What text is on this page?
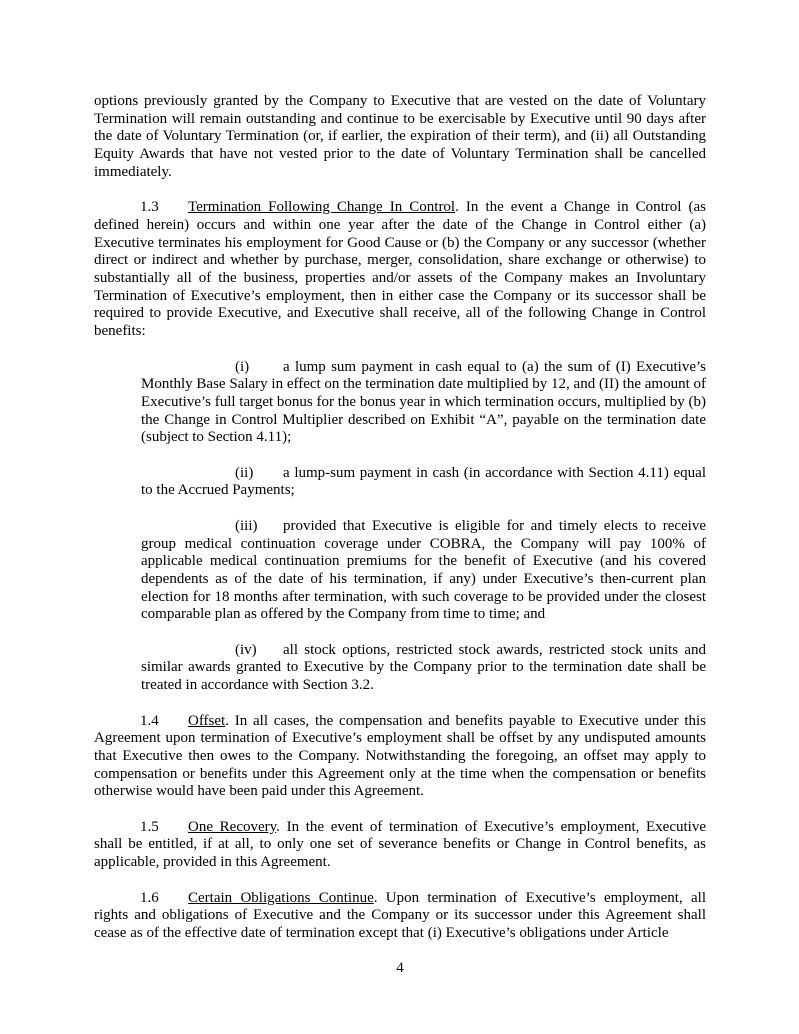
options previously granted by the Company to Executive that are vested on the date of Voluntary Termination will remain outstanding and continue to be exercisable by Executive until 90 days after the date of Voluntary Termination (or, if earlier, the expiration of their term), and (ii) all Outstanding Equity Awards that have not vested prior to the date of Voluntary Termination shall be cancelled immediately.

1.3 Termination Following Change In Control. In the event a Change in Control (as defined herein) occurs and within one year after the date of the Change in Control either (a) Executive terminates his employment for Good Cause or (b) the Company or any successor (whether direct or indirect and whether by purchase, merger, consolidation, share exchange or otherwise) to substantially all of the business, properties and/or assets of the Company makes an Involuntary Termination of Executive’s employment, then in either case the Company or its successor shall be required to provide Executive, and Executive shall receive, all of the following Change in Control benefits:

(i) a lump sum payment in cash equal to (a) the sum of (I) Executive’s Monthly Base Salary in effect on the termination date multiplied by 12, and (II) the amount of Executive’s full target bonus for the bonus year in which termination occurs, multiplied by (b) the Change in Control Multiplier described on Exhibit “A”, payable on the termination date (subject to Section 4.11);

(ii) a lump-sum payment in cash (in accordance with Section 4.11) equal to the Accrued Payments;

(iii) provided that Executive is eligible for and timely elects to receive group medical continuation coverage under COBRA, the Company will pay 100% of applicable medical continuation premiums for the benefit of Executive (and his covered dependents as of the date of his termination, if any) under Executive’s then-current plan election for 18 months after termination, with such coverage to be provided under the closest comparable plan as offered by the Company from time to time; and

(iv) all stock options, restricted stock awards, restricted stock units and similar awards granted to Executive by the Company prior to the termination date shall be treated in accordance with Section 3.2.

1.4 Offset. In all cases, the compensation and benefits payable to Executive under this Agreement upon termination of Executive’s employment shall be offset by any undisputed amounts that Executive then owes to the Company. Notwithstanding the foregoing, an offset may apply to compensation or benefits under this Agreement only at the time when the compensation or benefits otherwise would have been paid under this Agreement.

1.5 One Recovery. In the event of termination of Executive’s employment, Executive shall be entitled, if at all, to only one set of severance benefits or Change in Control benefits, as applicable, provided in this Agreement.

1.6 Certain Obligations Continue. Upon termination of Executive’s employment, all rights and obligations of Executive and the Company or its successor under this Agreement shall cease as of the effective date of termination except that (i) Executive’s obligations under Article

4
